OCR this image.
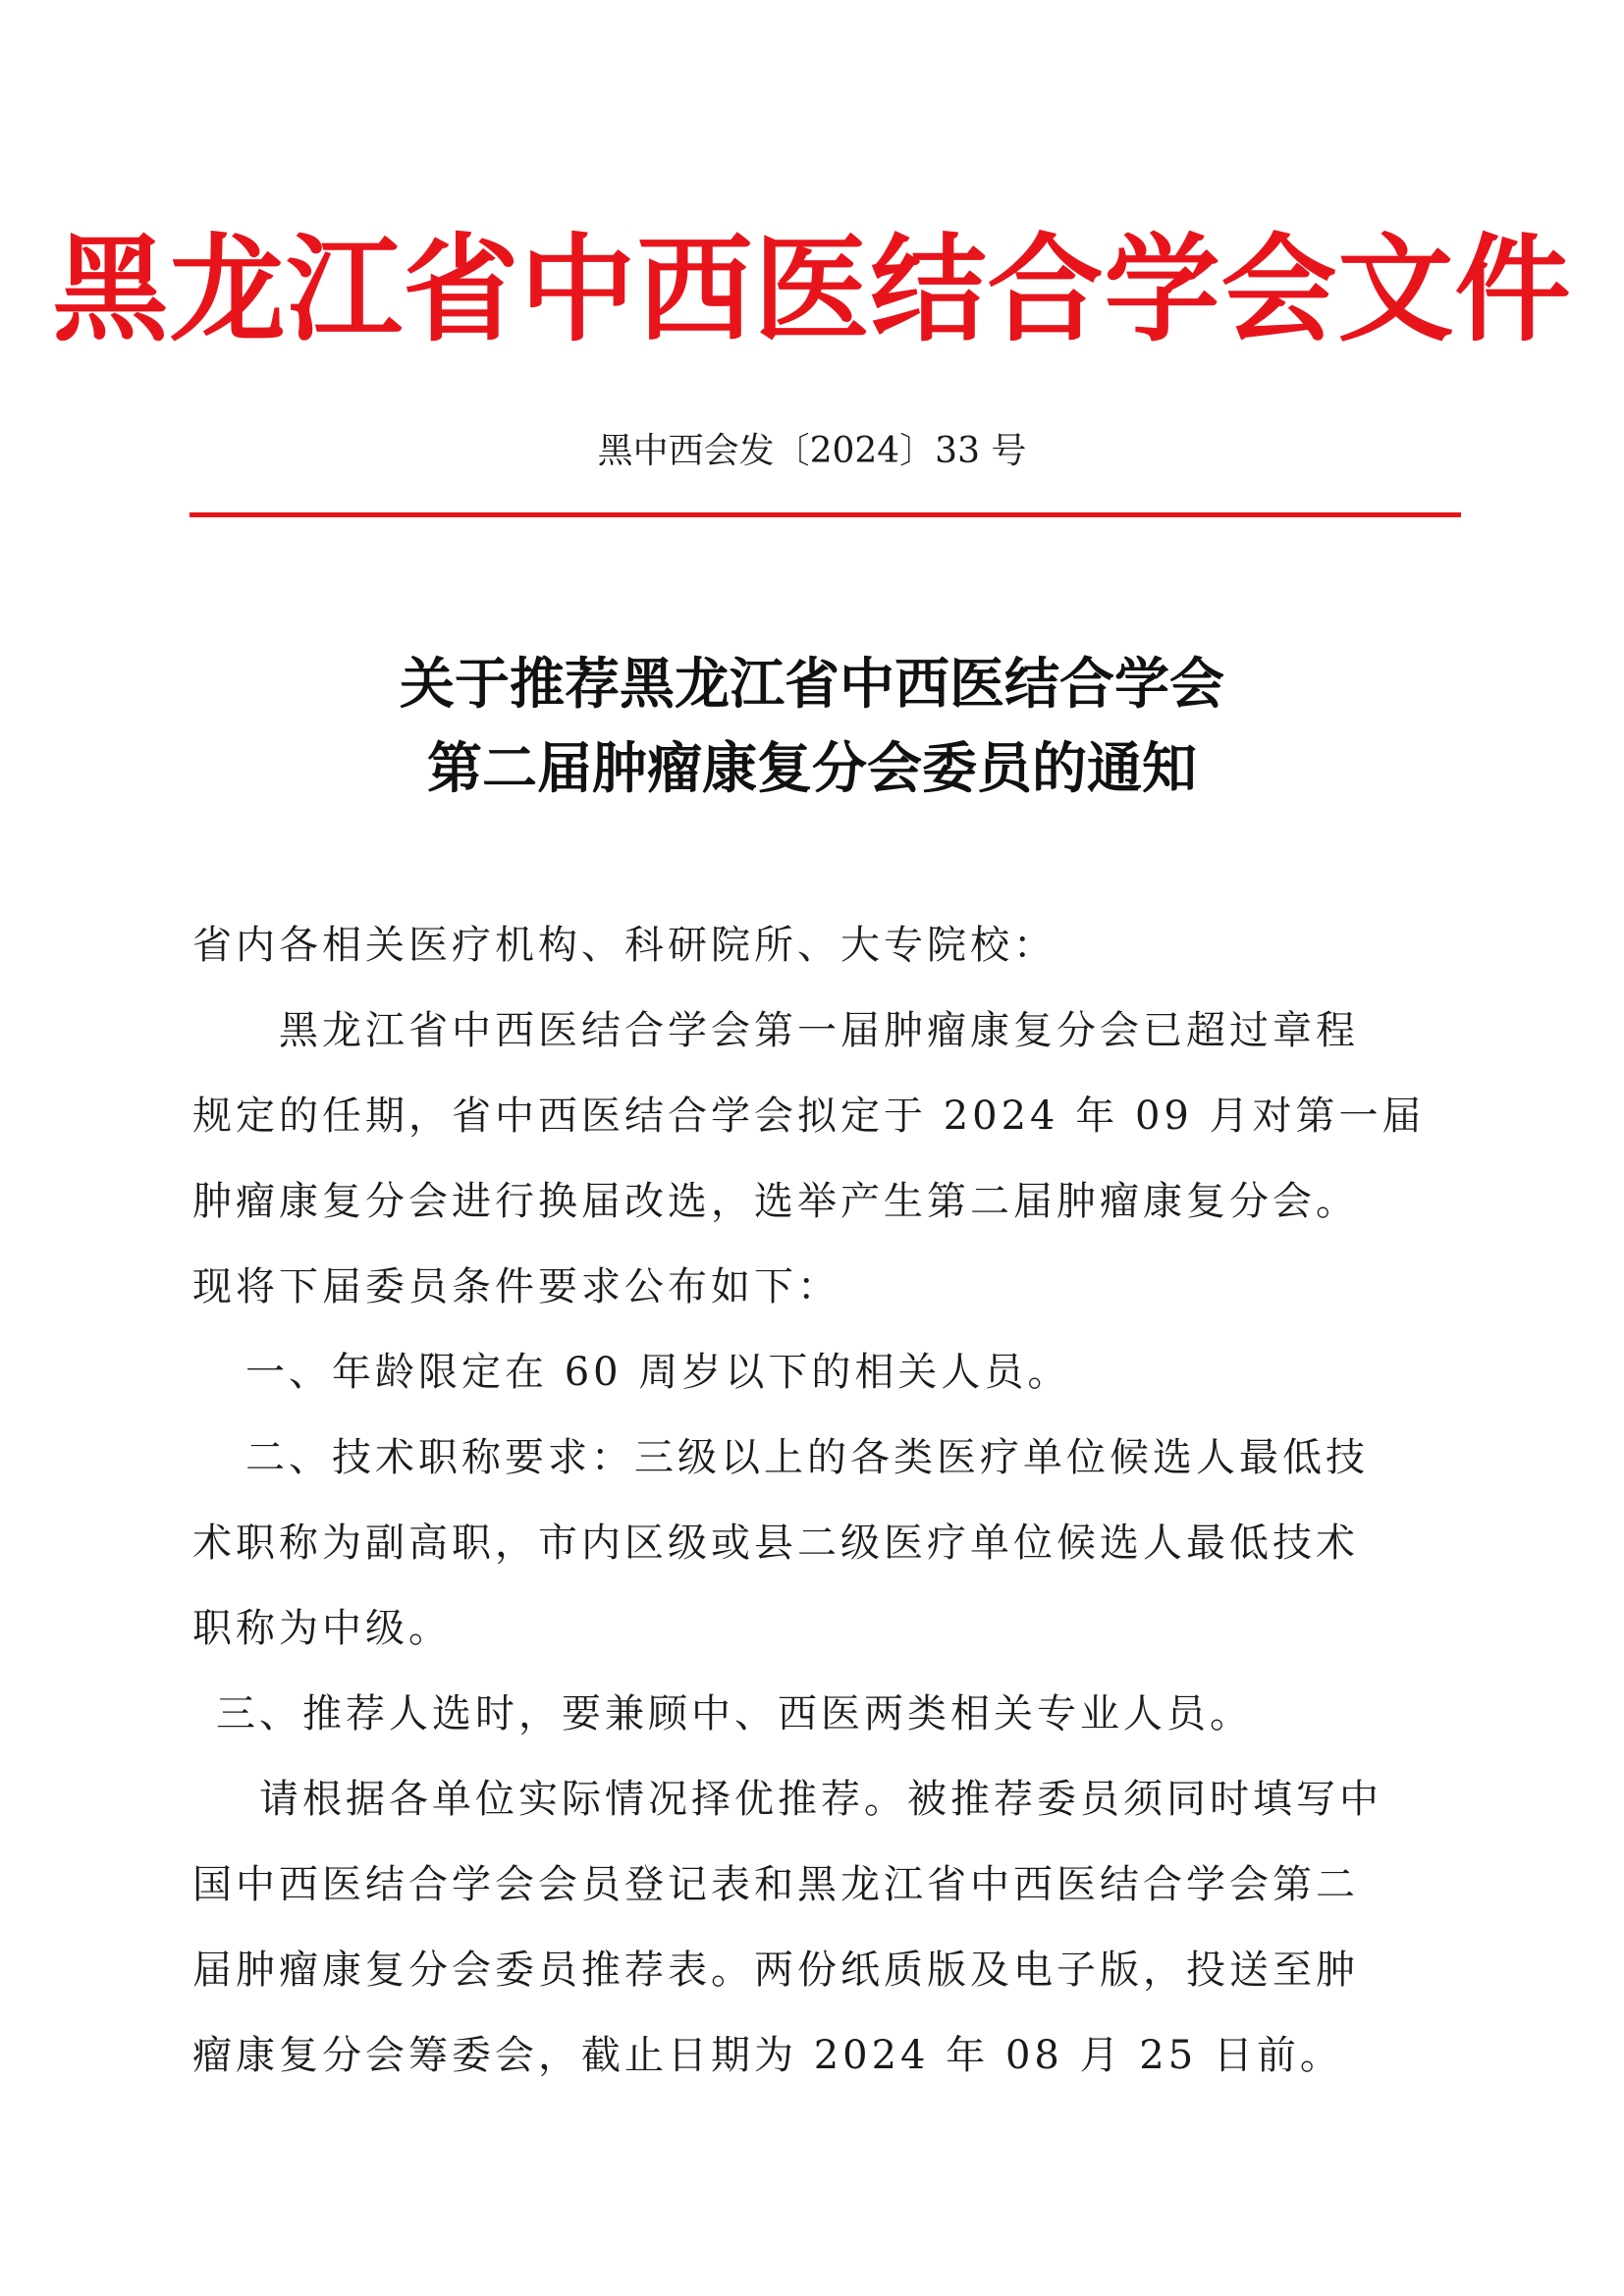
黑龙江省中西医结合学会文件
黑中西会发〔2024〕33 号
关于推荐黑龙江省中西医结合学会
第二届肿瘤康复分会委员的通知

省内各相关医疗机构、科研院所、大专院校：

黑龙江省中西医结合学会第一届肿瘤康复分会已超过章程

规定的任期，省中西医结合学会拟定于 2024 年 09 月对第一届

肿瘤康复分会进行换届改选，选举产生第二届肿瘤康复分会。

现将下届委员条件要求公布如下：

一、年龄限定在 60 周岁以下的相关人员。

二、技术职称要求：三级以上的各类医疗单位候选人最低技

术职称为副高职，市内区级或县二级医疗单位候选人最低技术

职称为中级。

三、推荐人选时，要兼顾中、西医两类相关专业人员。

请根据各单位实际情况择优推荐。被推荐委员须同时填写中

国中西医结合学会会员登记表和黑龙江省中西医结合学会第二

届肿瘤康复分会委员推荐表。两份纸质版及电子版，投送至肿

瘤康复分会筹委会，截止日期为 2024 年 08 月 25 日前。
